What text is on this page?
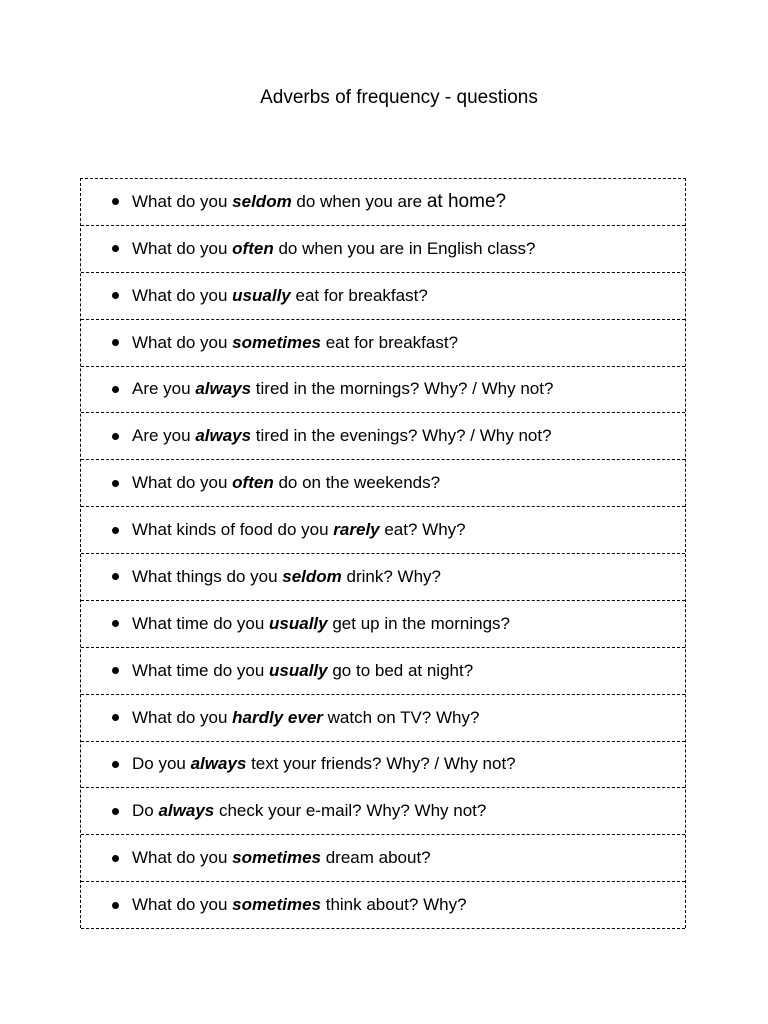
Adverbs of frequency - questions
What do you seldom do when you are at home?
What do you often do when you are in English class?
What do you usually eat for breakfast?
What do you sometimes eat for breakfast?
Are you always tired in the mornings? Why? / Why not?
Are you always tired in the evenings? Why? / Why not?
What do you often do on the weekends?
What kinds of food do you rarely eat? Why?
What things do you seldom drink? Why?
What time do you usually get up in the mornings?
What time do you usually go to bed at night?
What do you hardly ever watch on TV? Why?
Do you always text your friends? Why? / Why not?
Do always check your e-mail? Why? Why not?
What do you sometimes dream about?
What do you sometimes think about? Why?
